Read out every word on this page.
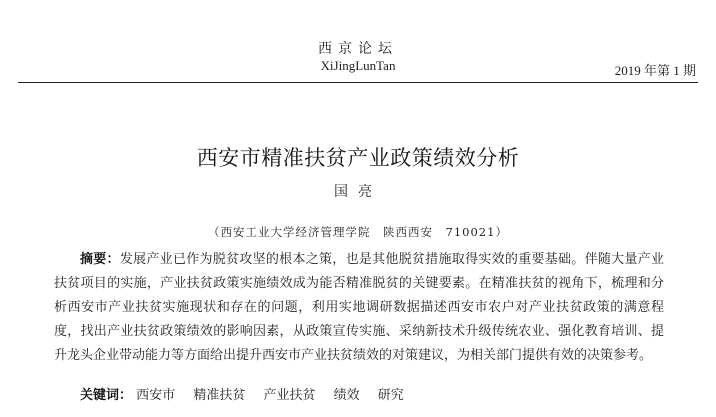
西京论坛
XiJingLunTan	2019 年第 1 期
西安市精准扶贫产业政策绩效分析
国亮
（西安工业大学经济管理学院　陕西西安　710021）
摘要：发展产业已作为脱贫攻坚的根本之策，也是其他脱贫措施取得实效的重要基础。伴随大量产业扶贫项目的实施，产业扶贫政策实施绩效成为能否精准脱贫的关键要素。在精准扶贫的视角下，梳理和分析西安市产业扶贫实施现状和存在的问题，利用实地调研数据描述西安市农户对产业扶贫政策的满意程度，找出产业扶贫政策绩效的影响因素，从政策宣传实施、采纳新技术升级传统农业、强化教育培训、提升龙头企业带动能力等方面给出提升西安市产业扶贫绩效的对策建议，为相关部门提供有效的决策参考。
关键词： 西安市 精准扶贫 产业扶贫 绩效 研究
